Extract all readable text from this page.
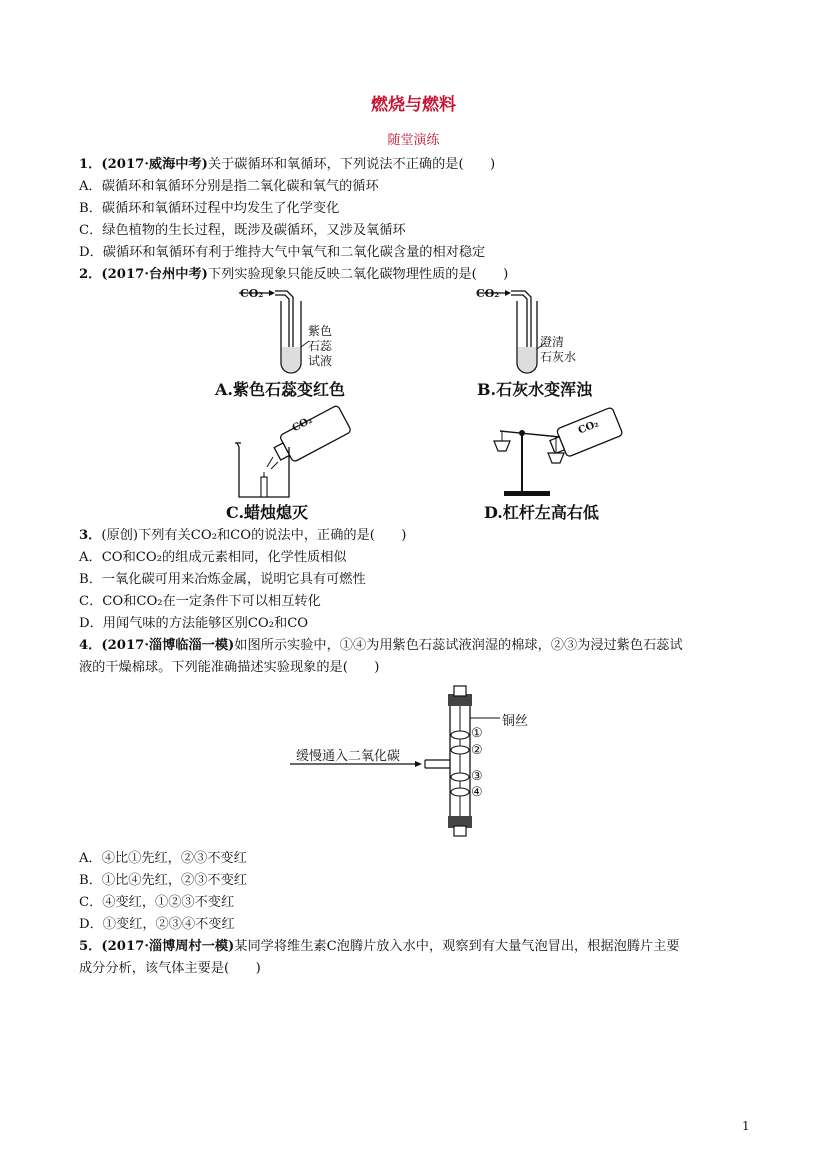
燃烧与燃料
随堂演练
1．(2017·威海中考)关于碳循环和氧循环，下列说法不正确的是(　　)
A．碳循环和氧循环分别是指二氧化碳和氧气的循环
B．碳循环和氧循环过程中均发生了化学变化
C．绿色植物的生长过程，既涉及碳循环，又涉及氧循环
D．碳循环和氧循环有利于维持大气中氧气和二氧化碳含量的相对稳定
2．(2017·台州中考)下列实验现象只能反映二氧化碳物理性质的是(　　)
紫色
石蕊
试液
CO₂
A.紫色石蕊变红色
澄清
石灰水
CO₂
B.石灰水变浑浊
CO₂
C.蜡烛熄灭
CO₂
D.杠杆左高右低
3．(原创)下列有关CO₂和CO的说法中，正确的是(　　)
A．CO和CO₂的组成元素相同，化学性质相似
B．一氧化碳可用来冶炼金属，说明它具有可燃性
C．CO和CO₂在一定条件下可以相互转化
D．用闻气味的方法能够区别CO₂和CO
4．(2017·淄博临淄一模)如图所示实验中，①④为用紫色石蕊试液润湿的棉球，②③为浸过紫色石蕊试
液的干燥棉球。下列能准确描述实验现象的是(　　)
缓慢通入二氧化碳
铜丝
①
②
③
④
A．④比①先红，②③不变红
B．①比④先红，②③不变红
C．④变红，①②③不变红
D．①变红，②③④不变红
5．(2017·淄博周村一模)某同学将维生素C泡腾片放入水中，观察到有大量气泡冒出，根据泡腾片主要
成分分析，该气体主要是(　　)
1
